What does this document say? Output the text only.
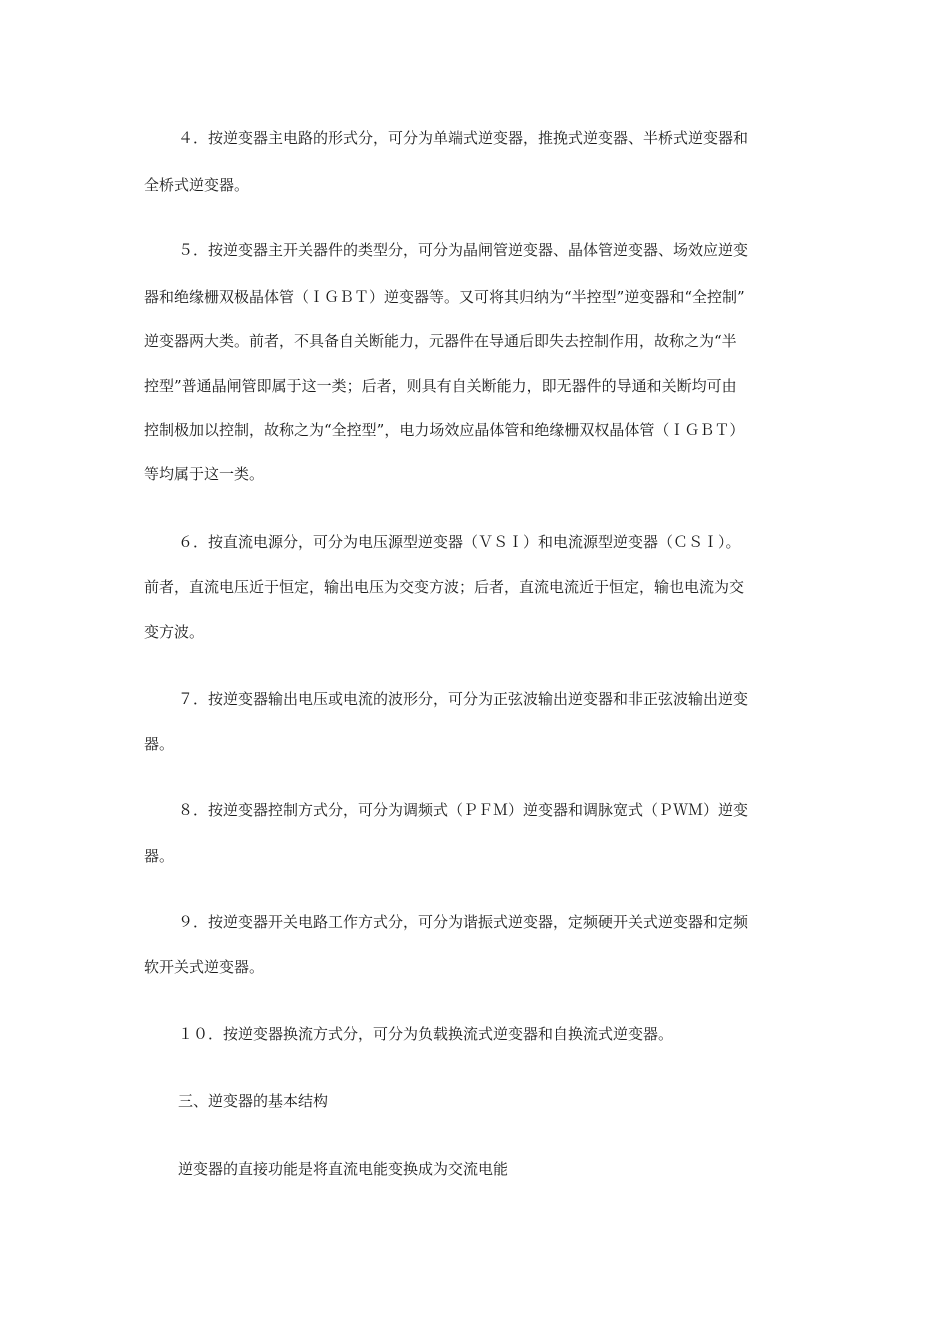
４．按逆变器主电路的形式分，可分为单端式逆变器，推挽式逆变器、半桥式逆变器和
全桥式逆变器。
５．按逆变器主开关器件的类型分，可分为晶闸管逆变器、晶体管逆变器、场效应逆变
器和绝缘栅双极晶体管（ＩＧＢＴ）逆变器等。又可将其归纳为“半控型”逆变器和“全控制”
逆变器两大类。前者，不具备自关断能力，元器件在导通后即失去控制作用，故称之为“半
控型”普通晶闸管即属于这一类；后者，则具有自关断能力，即无器件的导通和关断均可由
控制极加以控制，故称之为“全控型”，电力场效应晶体管和绝缘栅双权晶体管（ＩＧＢＴ）
等均属于这一类。
６．按直流电源分，可分为电压源型逆变器（ＶＳＩ）和电流源型逆变器（ＣＳＩ）。
前者，直流电压近于恒定，输出电压为交变方波；后者，直流电流近于恒定，输也电流为交
变方波。
７．按逆变器输出电压或电流的波形分，可分为正弦波输出逆变器和非正弦波输出逆变
器。
８．按逆变器控制方式分，可分为调频式（ＰＦＭ）逆变器和调脉宽式（ＰＷＭ）逆变
器。
９．按逆变器开关电路工作方式分，可分为谐振式逆变器，定频硬开关式逆变器和定频
软开关式逆变器。
１０．按逆变器换流方式分，可分为负载换流式逆变器和自换流式逆变器。
三、逆变器的基本结构
逆变器的直接功能是将直流电能变换成为交流电能
